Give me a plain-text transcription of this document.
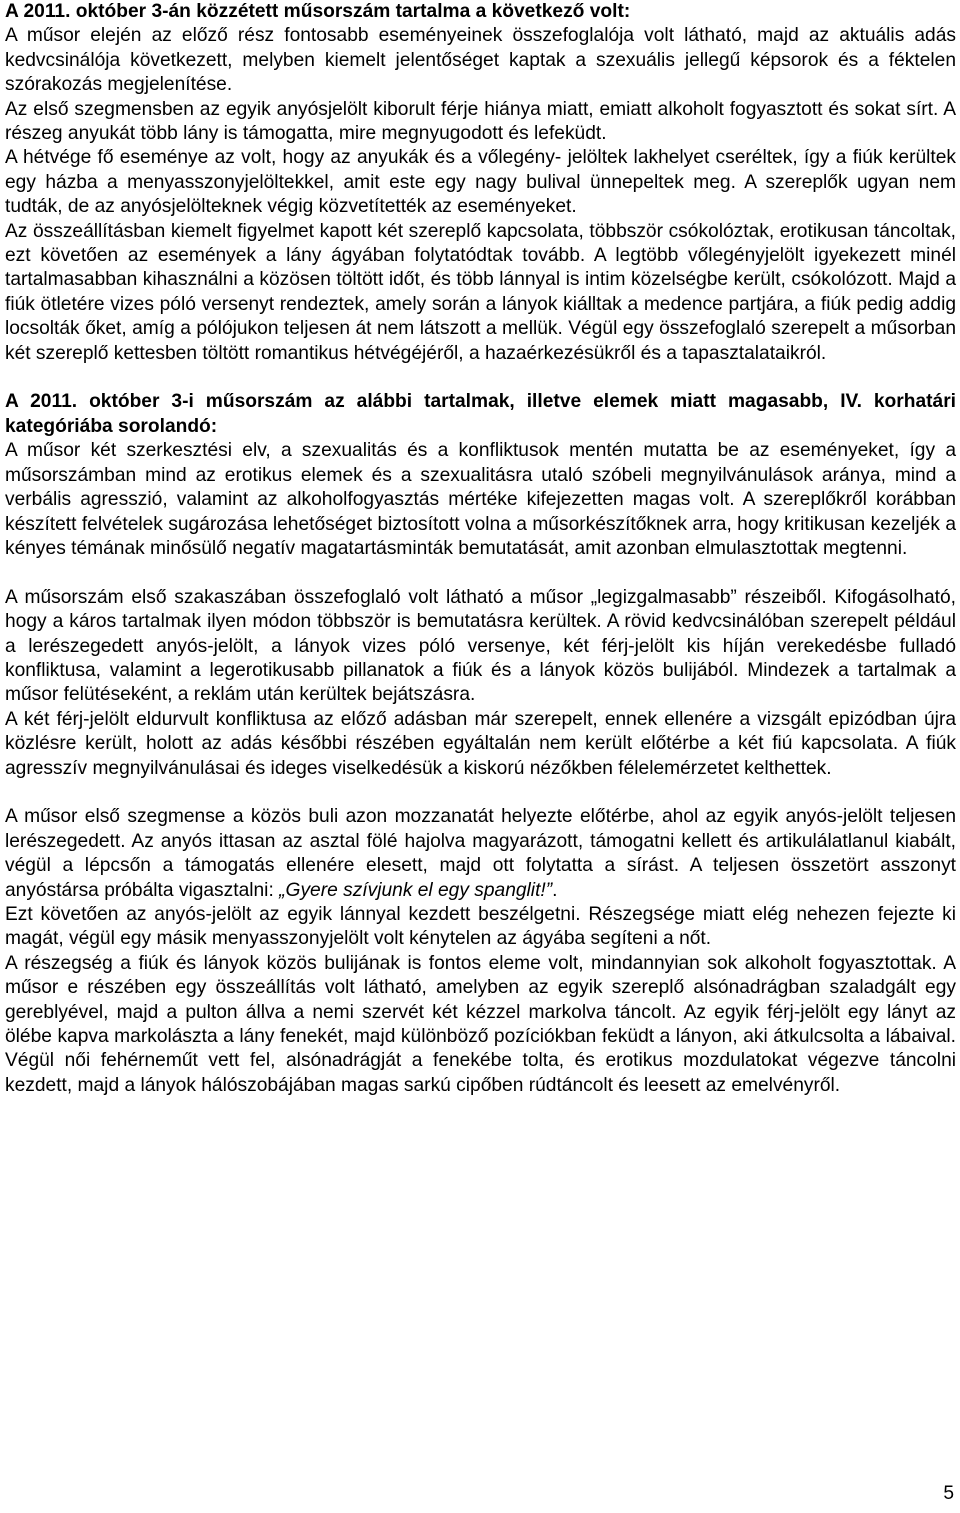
A 2011. október 3-án közzétett műsorszám tartalma a következő volt:

A műsor elején az előző rész fontosabb eseményeinek összefoglalója volt látható, majd az aktuális adás kedvcsinálója következett, melyben kiemelt jelentőséget kaptak a szexuális jellegű képsorok és a féktelen szórakozás megjelenítése.

Az első szegmensben az egyik anyósjelölt kiborult férje hiánya miatt, emiatt alkoholt fogyasztott és sokat sírt. A részeg anyukát több lány is támogatta, mire megnyugodott és lefeküdt.

A hétvége fő eseménye az volt, hogy az anyukák és a vőlegény- jelöltek lakhelyet cseréltek, így a fiúk kerültek egy házba a menyasszonyjelöltekkel, amit este egy nagy bulival ünnepeltek meg. A szereplők ugyan nem tudták, de az anyósjelölteknek végig közvetítették az eseményeket.

Az összeállításban kiemelt figyelmet kapott két szereplő kapcsolata, többször csókolóztak, erotikusan táncoltak, ezt követően az események a lány ágyában folytatódtak tovább. A legtöbb vőlegényjelölt igyekezett minél tartalmasabban kihasználni a közösen töltött időt, és több lánnyal is intim közelségbe került, csókolózott. Majd a fiúk ötletére vizes póló versenyt rendeztek, amely során a lányok kiálltak a medence partjára, a fiúk pedig addig locsolták őket, amíg a pólójukon teljesen át nem látszott a mellük. Végül egy összefoglaló szerepelt a műsorban két szereplő kettesben töltött romantikus hétvégéjéről, a hazaérkezésükről és a tapasztalataikról.

A 2011. október 3-i műsorszám az alábbi tartalmak, illetve elemek miatt magasabb, IV. korhatári kategóriába sorolandó:

A műsor két szerkesztési elv, a szexualitás és a konfliktusok mentén mutatta be az eseményeket, így a műsorszámban mind az erotikus elemek és a szexualitásra utaló szóbeli megnyilvánulások aránya, mind a verbális agresszió, valamint az alkoholfogyasztás mértéke kifejezetten magas volt. A szereplőkről korábban készített felvételek sugározása lehetőséget biztosított volna a műsorkészítőknek arra, hogy kritikusan kezeljék a kényes témának minősülő negatív magatartásminták bemutatását, amit azonban elmulasztottak megtenni.

A műsorszám első szakaszában összefoglaló volt látható a műsor „legizgalmasabb” részeiből. Kifogásolható, hogy a káros tartalmak ilyen módon többször is bemutatásra kerültek. A rövid kedvcsinálóban szerepelt például a lerészegedett anyós-jelölt, a lányok vizes póló versenye, két férj-jelölt kis híján verekedésbe fulladó konfliktusa, valamint a legerotikusabb pillanatok a fiúk és a lányok közös bulijából. Mindezek a tartalmak a műsor felütéseként, a reklám után kerültek bejátszásra.

A két férj-jelölt eldurvult konfliktusa az előző adásban már szerepelt, ennek ellenére a vizsgált epizódban újra közlésre került, holott az adás későbbi részében egyáltalán nem került előtérbe a két fiú kapcsolata. A fiúk agresszív megnyilvánulásai és ideges viselkedésük a kiskorú nézőkben félelemérzetet kelthettek.

A műsor első szegmense a közös buli azon mozzanatát helyezte előtérbe, ahol az egyik anyós-jelölt teljesen lerészegedett. Az anyós ittasan az asztal fölé hajolva magyarázott, támogatni kellett és artikulálatlanul kiabált, végül a lépcsőn a támogatás ellenére elesett, majd ott folytatta a sírást. A teljesen összetört asszonyt anyóstársa próbálta vigasztalni: „Gyere szívjunk el egy spanglit!”.

Ezt követően az anyós-jelölt az egyik lánnyal kezdett beszélgetni. Részegsége miatt elég nehezen fejezte ki magát, végül egy másik menyasszonyjelölt volt kénytelen az ágyába segíteni a nőt.

A részegség a fiúk és lányok közös bulijának is fontos eleme volt, mindannyian sok alkoholt fogyasztottak. A műsor e részében egy összeállítás volt látható, amelyben az egyik szereplő alsónadrágban szaladgált egy gereblyével, majd a pulton állva a nemi szervét két kézzel markolva táncolt. Az egyik férj-jelölt egy lányt az ölébe kapva markolászta a lány fenekét, majd különböző pozíciókban feküdt a lányon, aki átkulcsolta a lábaival. Végül női fehérneműt vett fel, alsónadrágját a fenekébe tolta, és erotikus mozdulatokat végezve táncolni kezdett, majd a lányok hálószobájában magas sarkú cipőben rúdtáncolt és leesett az emelvényről.

5
